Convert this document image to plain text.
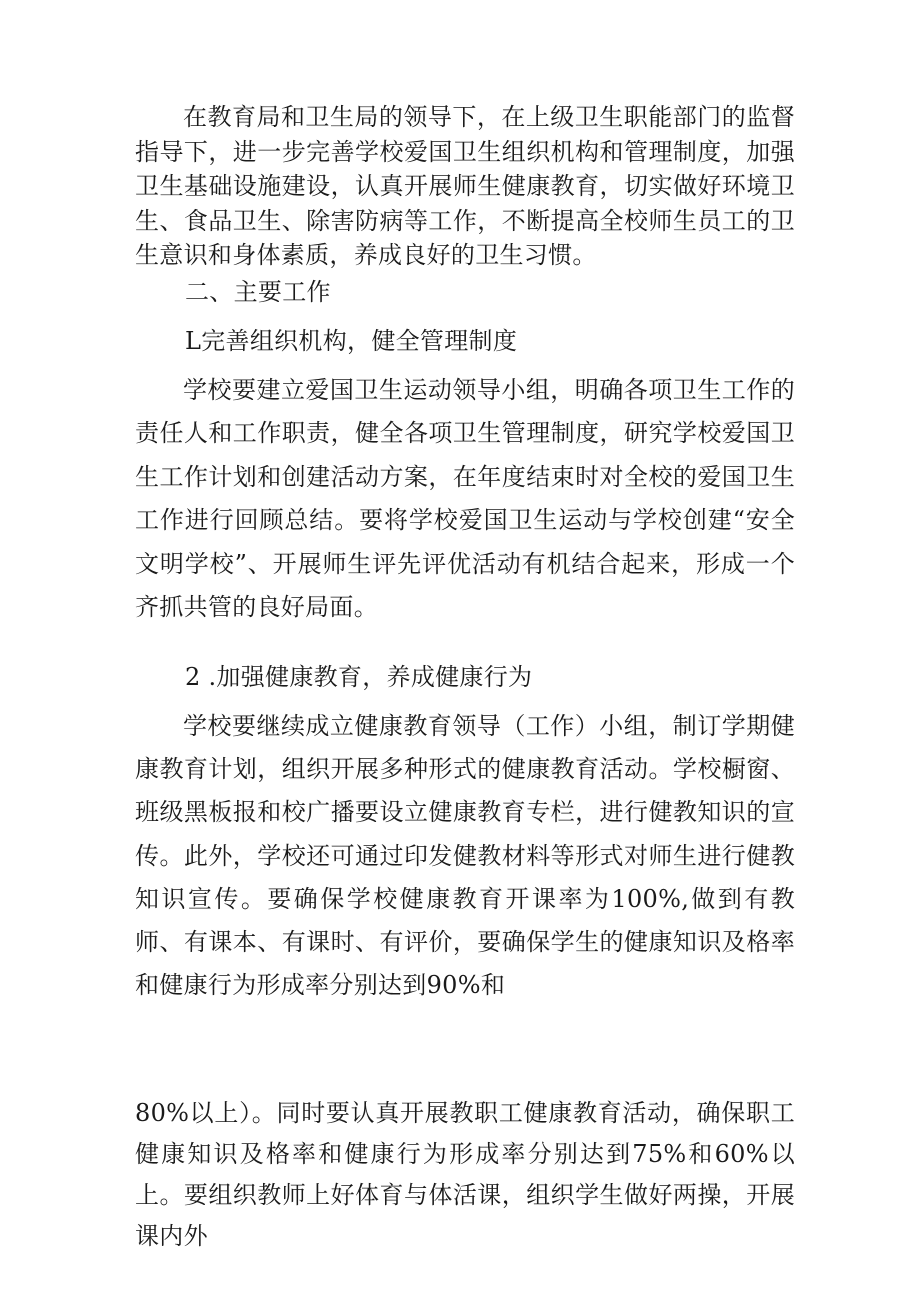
在教育局和卫生局的领导下，在上级卫生职能部门的监督指导下，进一步完善学校爱国卫生组织机构和管理制度，加强卫生基础设施建设，认真开展师生健康教育，切实做好环境卫生、食品卫生、除害防病等工作，不断提高全校师生员工的卫生意识和身体素质，养成良好的卫生习惯。

二、主要工作

L完善组织机构，健全管理制度

学校要建立爱国卫生运动领导小组，明确各项卫生工作的责任人和工作职责，健全各项卫生管理制度，研究学校爱国卫生工作计划和创建活动方案，在年度结束时对全校的爱国卫生工作进行回顾总结。要将学校爱国卫生运动与学校创建“安全文明学校”、开展师生评先评优活动有机结合起来，形成一个齐抓共管的良好局面。

2 .加强健康教育，养成健康行为

学校要继续成立健康教育领导（工作）小组，制订学期健康教育计划，组织开展多种形式的健康教育活动。学校橱窗、班级黑板报和校广播要设立健康教育专栏，进行健教知识的宣传。此外，学校还可通过印发健教材料等形式对师生进行健教知识宣传。要确保学校健康教育开课率为100%,做到有教师、有课本、有课时、有评价，要确保学生的健康知识及格率和健康行为形成率分别达到90%和

80%以上）。同时要认真开展教职工健康教育活动，确保职工健康知识及格率和健康行为形成率分别达到75%和60%以上。要组织教师上好体育与体活课，组织学生做好两操，开展课内外
